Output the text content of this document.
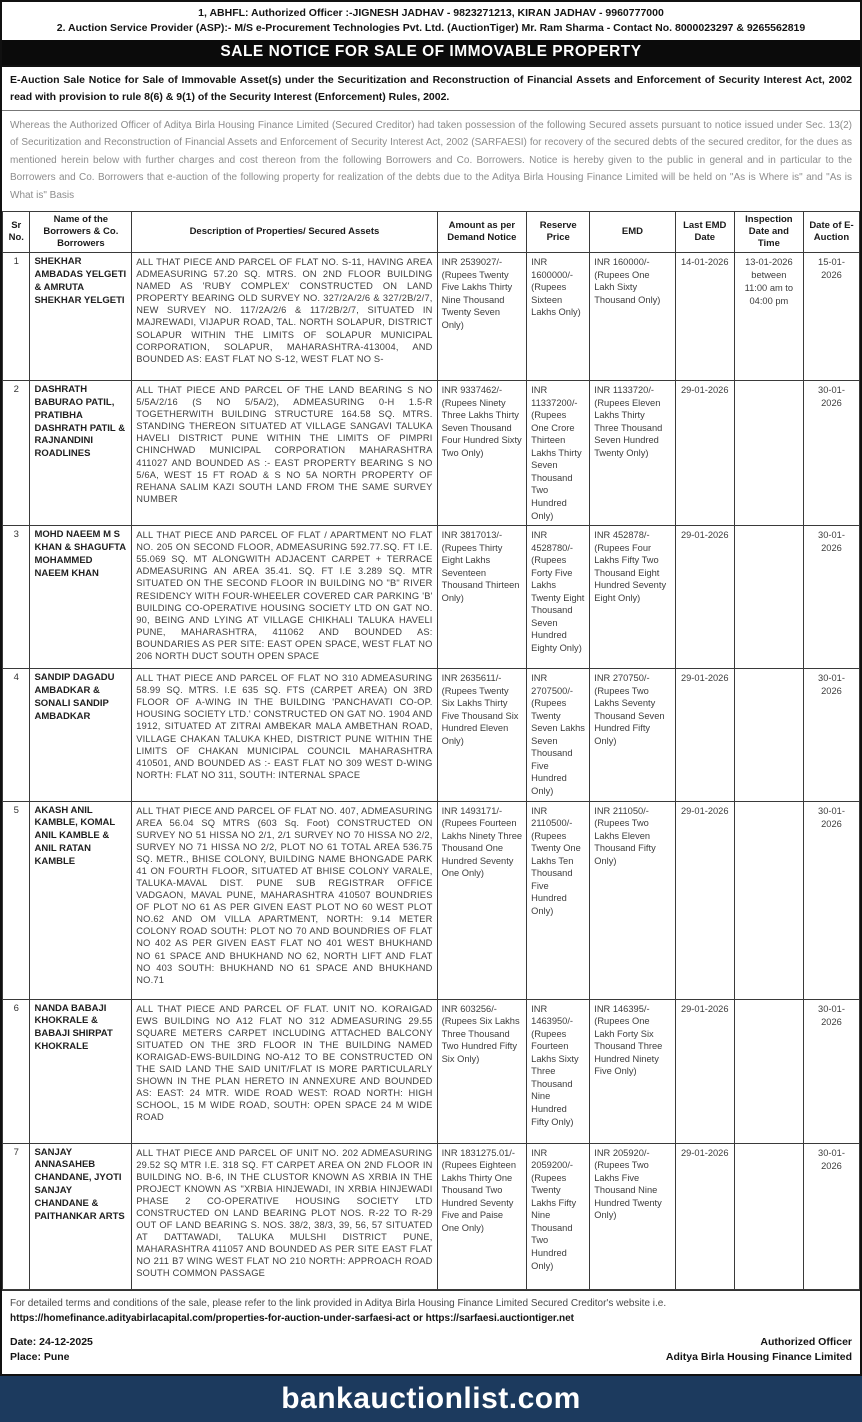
1, ABHFL: Authorized Officer :-JIGNESH JADHAV - 9823271213, KIRAN JADHAV - 9960777000
2. Auction Service Provider (ASP):- M/S e-Procurement Technologies Pvt. Ltd. (AuctionTiger) Mr. Ram Sharma - Contact No. 8000023297 & 9265562819
SALE NOTICE FOR SALE OF IMMOVABLE PROPERTY
E-Auction Sale Notice for Sale of Immovable Asset(s) under the Securitization and Reconstruction of Financial Assets and Enforcement of Security Interest Act, 2002 read with provision to rule 8(6) & 9(1) of the Security Interest (Enforcement) Rules, 2002.
Whereas the Authorized Officer of Aditya Birla Housing Finance Limited (Secured Creditor) had taken possession of the following Secured assets pursuant to notice issued under Sec. 13(2) of Securitization and Reconstruction of Financial Assets and Enforcement of Security Interest Act, 2002 (SARFAESI) for recovery of the secured debts of the secured creditor, for the dues as mentioned herein below with further charges and cost thereon from the following Borrowers and Co. Borrowers. Notice is hereby given to the public in general and in particular to the Borrowers and Co. Borrowers that e-auction of the following property for realization of the debts due to the Aditya Birla Housing Finance Limited will be held on "As is Where is" and "As is What is" Basis
Sr No.	Name of the Borrowers & Co. Borrowers	Description of Properties/ Secured Assets	Amount as per Demand Notice	Reserve Price	EMD	Last EMD Date	Inspection Date and Time	Date of E-Auction
1	SHEKHAR AMBADAS YELGETI & AMRUTA SHEKHAR YELGETI	ALL THAT PIECE AND PARCEL OF FLAT NO. S-11, HAVING AREA ADMEASURING 57.20 SQ. MTRS. ON 2ND FLOOR BUILDING NAMED AS 'RUBY COMPLEX' CONSTRUCTED ON LAND PROPERTY BEARING OLD SURVEY NO. 327/2A/2/6 & 327/2B/2/7, NEW SURVEY NO. 117/2A/2/6 & 117/2B/2/7, SITUATED IN MAJREWADI, VIJAPUR ROAD, TAL. NORTH SOLAPUR, DISTRICT SOLAPUR WITHIN THE LIMITS OF SOLAPUR MUNICIPAL CORPORATION, SOLAPUR, MAHARASHTRA-413004, AND BOUNDED AS: EAST FLAT NO S-12, WEST FLAT NO S-	INR 2539027/- (Rupees Twenty Five Lakhs Thirty Nine Thousand Twenty Seven Only)	INR 1600000/- (Rupees Sixteen Lakhs Only)	INR 160000/- (Rupees One Lakh Sixty Thousand Only)	14-01-2026	13-01-2026 between 11:00 am to 04:00 pm	15-01-2026
2	DASHRATH BABURAO PATIL, PRATIBHA DASHRATH PATIL & RAJNANDINI ROADLINES	ALL THAT PIECE AND PARCEL OF THE LAND BEARING S NO 5/5A/2/16 (S NO 5/5A/2), ADMEASURING 0-H 1.5-R TOGETHERWITH BUILDING STRUCTURE 164.58 SQ. MTRS. STANDING THEREON SITUATED AT VILLAGE SANGAVI TALUKA HAVELI DISTRICT PUNE WITHIN THE LIMITS OF PIMPRI CHINCHWAD MUNICIPAL CORPORATION MAHARASHTRA 411027 AND BOUNDED AS :- EAST PROPERTY BEARING S NO 5/6A, WEST 15 FT ROAD & S NO 5A NORTH PROPERTY OF REHANA SALIM KAZI SOUTH LAND FROM THE SAME SURVEY NUMBER	INR 9337462/- (Rupees Ninety Three Lakhs Thirty Seven Thousand Four Hundred Sixty Two Only)	INR 11337200/- (Rupees One Crore Thirteen Lakhs Thirty Seven Thousand Two Hundred Only)	INR 1133720/- (Rupees Eleven Lakhs Thirty Three Thousand Seven Hundred Twenty Only)	29-01-2026		30-01-2026
3	MOHD NAEEM M S KHAN & SHAGUFTA MOHAMMED NAEEM KHAN	ALL THAT PIECE AND PARCEL OF FLAT / APARTMENT NO FLAT NO. 205 ON SECOND FLOOR, ADMEASURING 592.77.SQ. FT I.E. 55.069 SQ. MT ALONGWITH ADJACENT CARPET + TERRACE ADMEASURING AN AREA 35.41. SQ. FT I.E 3.289 SQ. MTR SITUATED ON THE SECOND FLOOR IN BUILDING NO "B" RIVER RESIDENCY WITH FOUR-WHEELER COVERED CAR PARKING 'B' BUILDING CO-OPERATIVE HOUSING SOCIETY LTD ON GAT NO. 90, BEING AND LYING AT VILLAGE CHIKHALI TALUKA HAVELI PUNE, MAHARASHTRA, 411062 AND BOUNDED AS: BOUNDARIES AS PER SITE: EAST OPEN SPACE, WEST FLAT NO 206 NORTH DUCT SOUTH OPEN SPACE	INR 3817013/- (Rupees Thirty Eight Lakhs Seventeen Thousand Thirteen Only)	INR 4528780/- (Rupees Forty Five Lakhs Twenty Eight Thousand Seven Hundred Eighty Only)	INR 452878/- (Rupees Four Lakhs Fifty Two Thousand Eight Hundred Seventy Eight Only)	29-01-2026		30-01-2026
4	SANDIP DAGADU AMBADKAR & SONALI SANDIP AMBADKAR	ALL THAT PIECE AND PARCEL OF FLAT NO 310 ADMEASURING 58.99 SQ. MTRS. I.E 635 SQ. FTS (CARPET AREA) ON 3RD FLOOR OF A-WING IN THE BUILDING 'PANCHAVATI CO-OP. HOUSING SOCIETY LTD.' CONSTRUCTED ON GAT NO. 1904 AND 1912, SITUATED AT ZITRAI AMBEKAR MALA AMBETHAN ROAD, VILLAGE CHAKAN TALUKA KHED, DISTRICT PUNE WITHIN THE LIMITS OF CHAKAN MUNICIPAL COUNCIL MAHARASHTRA 410501, AND BOUNDED AS :- EAST FLAT NO 309 WEST D-WING NORTH: FLAT NO 311, SOUTH: INTERNAL SPACE	INR 2635611/- (Rupees Twenty Six Lakhs Thirty Five Thousand Six Hundred Eleven Only)	INR 2707500/- (Rupees Twenty Seven Lakhs Seven Thousand Five Hundred Only)	INR 270750/- (Rupees Two Lakhs Seventy Thousand Seven Hundred Fifty Only)	29-01-2026		30-01-2026
5	AKASH ANIL KAMBLE, KOMAL ANIL KAMBLE & ANIL RATAN KAMBLE	ALL THAT PIECE AND PARCEL OF FLAT NO. 407, ADMEASURING AREA 56.04 SQ MTRS (603 Sq. Foot) CONSTRUCTED ON SURVEY NO 51 HISSA NO 2/1, 2/1 SURVEY NO 70 HISSA NO 2/2, SURVEY NO 71 HISSA NO 2/2, PLOT NO 61 TOTAL AREA 536.75 SQ. METR., BHISE COLONY, BUILDING NAME BHONGADE PARK 41 ON FOURTH FLOOR, SITUATED AT BHISE COLONY VARALE, TALUKA-MAVAL DIST. PUNE SUB REGISTRAR OFFICE VADGAON, MAVAL PUNE, MAHARASHTRA 410507 BOUNDRIES OF PLOT NO 61 AS PER GIVEN EAST PLOT NO 60 WEST PLOT NO.62 AND OM VILLA APARTMENT, NORTH: 9.14 METER COLONY ROAD SOUTH: PLOT NO 70 AND BOUNDRIES OF FLAT NO 402 AS PER GIVEN EAST FLAT NO 401 WEST BHUKHAND NO 61 SPACE AND BHUKHAND NO 62, NORTH LIFT AND FLAT NO 403 SOUTH: BHUKHAND NO 61 SPACE AND BHUKHAND NO.71	INR 1493171/- (Rupees Fourteen Lakhs Ninety Three Thousand One Hundred Seventy One Only)	INR 2110500/- (Rupees Twenty One Lakhs Ten Thousand Five Hundred Only)	INR 211050/- (Rupees Two Lakhs Eleven Thousand Fifty Only)	29-01-2026		30-01-2026
6	NANDA BABAJI KHOKRALE & BABAJI SHIRPAT KHOKRALE	ALL THAT PIECE AND PARCEL OF FLAT. UNIT NO. KORAIGAD EWS BUILDING NO A12 FLAT NO 312 ADMEASURING 29.55 SQUARE METERS CARPET INCLUDING ATTACHED BALCONY SITUATED ON THE 3RD FLOOR IN THE BUILDING NAMED KORAIGAD-EWS-BUILDING NO-A12 TO BE CONSTRUCTED ON THE SAID LAND THE SAID UNIT/FLAT IS MORE PARTICULARLY SHOWN IN THE PLAN HERETO IN ANNEXURE AND BOUNDED AS: EAST: 24 MTR. WIDE ROAD WEST: ROAD NORTH: HIGH SCHOOL, 15 M WIDE ROAD, SOUTH: OPEN SPACE 24 M WIDE ROAD	INR 603256/- (Rupees Six Lakhs Three Thousand Two Hundred Fifty Six Only)	INR 1463950/- (Rupees Fourteen Lakhs Sixty Three Thousand Nine Hundred Fifty Only)	INR 146395/- (Rupees One Lakh Forty Six Thousand Three Hundred Ninety Five Only)	29-01-2026		30-01-2026
7	SANJAY ANNASAHEB CHANDANE, JYOTI SANJAY CHANDANE & PAITHANKAR ARTS	ALL THAT PIECE AND PARCEL OF UNIT NO. 202 ADMEASURING 29.52 SQ MTR I.E. 318 SQ. FT CARPET AREA ON 2ND FLOOR IN BUILDING NO. B-6, IN THE CLUSTOR KNOWN AS XRBIA IN THE PROJECT KNOWN AS "XRBIA HINJEWADI, IN XRBIA HINJEWADI PHASE 2 CO-OPERATIVE HOUSING SOCIETY LTD CONSTRUCTED ON LAND BEARING PLOT NOS. R-22 TO R-29 OUT OF LAND BEARING S. NOS. 38/2, 38/3, 39, 56, 57 SITUATED AT DATTAWADI, TALUKA MULSHI DISTRICT PUNE, MAHARASHTRA 411057 AND BOUNDED AS PER SITE EAST FLAT NO 211 B7 WING WEST FLAT NO 210 NORTH: APPROACH ROAD SOUTH COMMON PASSAGE	INR 1831275.01/- (Rupees Eighteen Lakhs Thirty One Thousand Two Hundred Seventy Five and Paise One Only)	INR 2059200/- (Rupees Twenty Lakhs Fifty Nine Thousand Two Hundred Only)	INR 205920/- (Rupees Two Lakhs Five Thousand Nine Hundred Twenty Only)	29-01-2026		30-01-2026
For detailed terms and conditions of the sale, please refer to the link provided in Aditya Birla Housing Finance Limited Secured Creditor's website i.e. https://homefinance.adityabirlacapital.com/properties-for-auction-under-sarfaesi-act or https://sarfaesi.auctiontiger.net
Date: 24-12-2025
Place: Pune
Authorized Officer
Aditya Birla Housing Finance Limited
bankauctionlist.com
